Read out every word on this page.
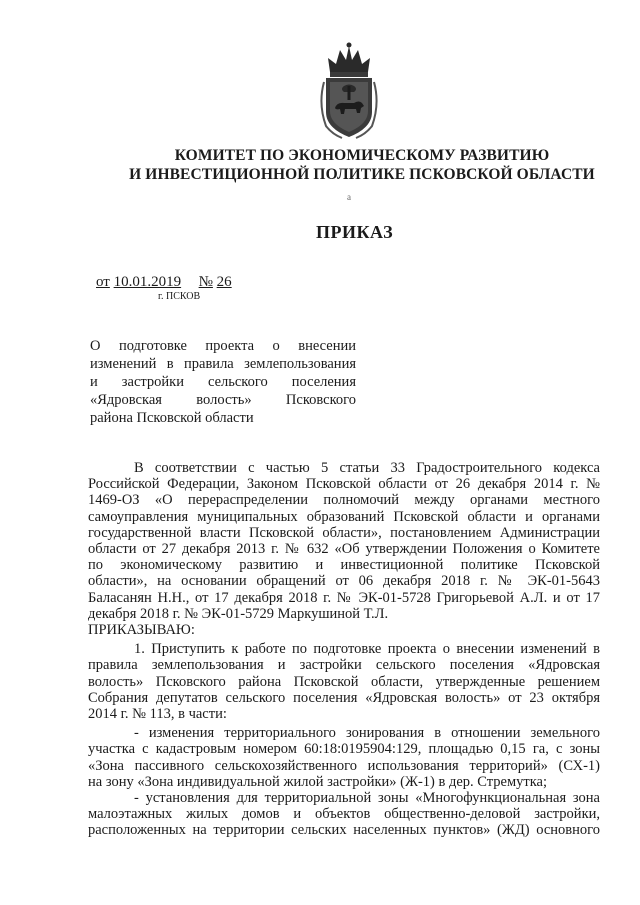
КОМИТЕТ ПО ЭКОНОМИЧЕСКОМУ РАЗВИТИЮ
И ИНВЕСТИЦИОННОЙ ПОЛИТИКЕ ПСКОВСКОЙ ОБЛАСТИ
a
ПРИКАЗ
от 10.01.2019 № 26
г. ПСКОВ
О подготовке проекта о внесении
изменений в правила землепользования
и застройки сельского поселения
«Ядровская волость» Псковского
района Псковской области
В соответствии с частью 5 статьи 33 Градостроительного кодекса
Российской Федерации, Законом Псковской области от 26 декабря 2014 г. №
1469-ОЗ «О перераспределении полномочий между органами местного
самоуправления муниципальных образований Псковской области и органами
государственной власти Псковской области», постановлением Администрации
области от 27 декабря 2013 г. № 632 «Об утверждении Положения о Комитете
по экономическому развитию и инвестиционной политике Псковской
области», на основании обращений от 06 декабря 2018 г. № ЭК-01-5643
Баласанян Н.Н., от 17 декабря 2018 г. № ЭК-01-5728 Григорьевой А.Л. и от 17
декабря 2018 г. № ЭК-01-5729 Маркушиной Т.Л.
ПРИКАЗЫВАЮ:
1. Приступить к работе по подготовке проекта о внесении изменений в
правила землепользования и застройки сельского поселения «Ядровская
волость» Псковского района Псковской области, утвержденные решением
Собрания депутатов сельского поселения «Ядровская волость» от 23 октября
2014 г. № 113, в части:
- изменения территориального зонирования в отношении земельного
участка с кадастровым номером 60:18:0195904:129, площадью 0,15 га, с зоны
«Зона пассивного сельскохозяйственного использования территорий» (СХ-1)
на зону «Зона индивидуальной жилой застройки» (Ж-1) в дер. Стремутка;
- установления для территориальной зоны «Многофункциональная зона
малоэтажных жилых домов и объектов общественно-деловой застройки,
расположенных на территории сельских населенных пунктов» (ЖД) основного
